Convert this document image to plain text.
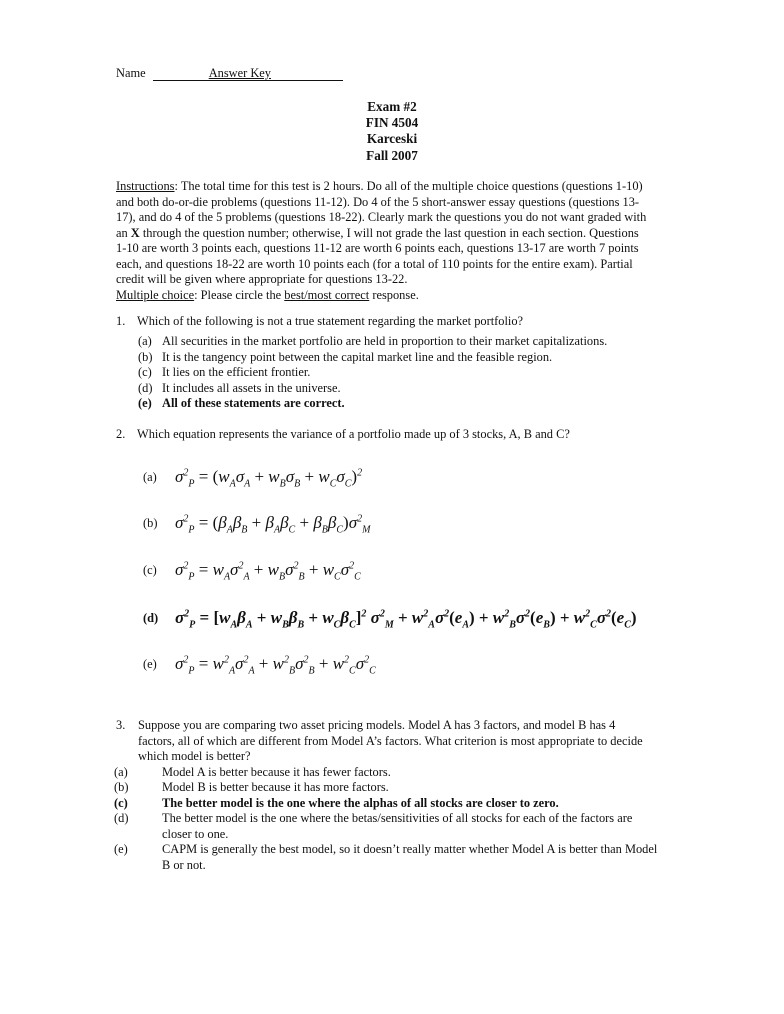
Name	Answer Key
Exam #2
FIN 4504
Karceski
Fall 2007
Instructions: The total time for this test is 2 hours. Do all of the multiple choice questions (questions 1-10)
and both do-or-die problems (questions 11-12). Do 4 of the 5 short-answer essay questions (questions 13-
17), and do 4 of the 5 problems (questions 18-22). Clearly mark the questions you do not want graded with
an X through the question number; otherwise, I will not grade the last question in each section. Questions
1-10 are worth 3 points each, questions 11-12 are worth 6 points each, questions 13-17 are worth 7 points
each, and questions 18-22 are worth 10 points each (for a total of 110 points for the entire exam). Partial
credit will be given where appropriate for questions 13-22.
Multiple choice: Please circle the best/most correct response.
1. Which of the following is not a true statement regarding the market portfolio?
(a) All securities in the market portfolio are held in proportion to their market capitalizations.
(b) It is the tangency point between the capital market line and the feasible region.
(c) It lies on the efficient frontier.
(d) It includes all assets in the universe.
(e) All of these statements are correct.
2. Which equation represents the variance of a portfolio made up of 3 stocks, A, B and C?
(a)	$\sigma^2_P = (w_A\sigma_A + w_B\sigma_B + w_C\sigma_C)^2$
(b)	$\sigma^2_P = (\beta_A\beta_B + \beta_A\beta_C + \beta_B\beta_C)\sigma^2_M$
(c)	$\sigma^2_P = w_A\sigma^2_A + w_B\sigma^2_B + w_C\sigma^2_C$
(d) $\sigma^2_P = [w_A\beta_A + w_B\beta_B + w_C\beta_C]^2$ $\sigma^2_M + w^2_A\sigma^2(e_A) + w^2_B\sigma^2(e_B) + w^2_C\sigma^2(e_C)$
(e)	$\sigma^2_P = w^2_A\sigma^2_A + w^2_B\sigma^2_B + w^2_C\sigma^2_C$
3. Suppose you are comparing two asset pricing models. Model A has 3 factors, and model B has 4
factors, all of which are different from Model A’s factors. What criterion is most appropriate to decide
which model is better?
(a)	Model A is better because it has fewer factors.
(b)	Model B is better because it has more factors.
(c)	The better model is the one where the alphas of all stocks are closer to zero.
(d)	The better model is the one where the betas/sensitivities of all stocks for each of the factors are closer to one.
(e)	CAPM is generally the best model, so it doesn’t really matter whether Model A is better than Model B or not.
